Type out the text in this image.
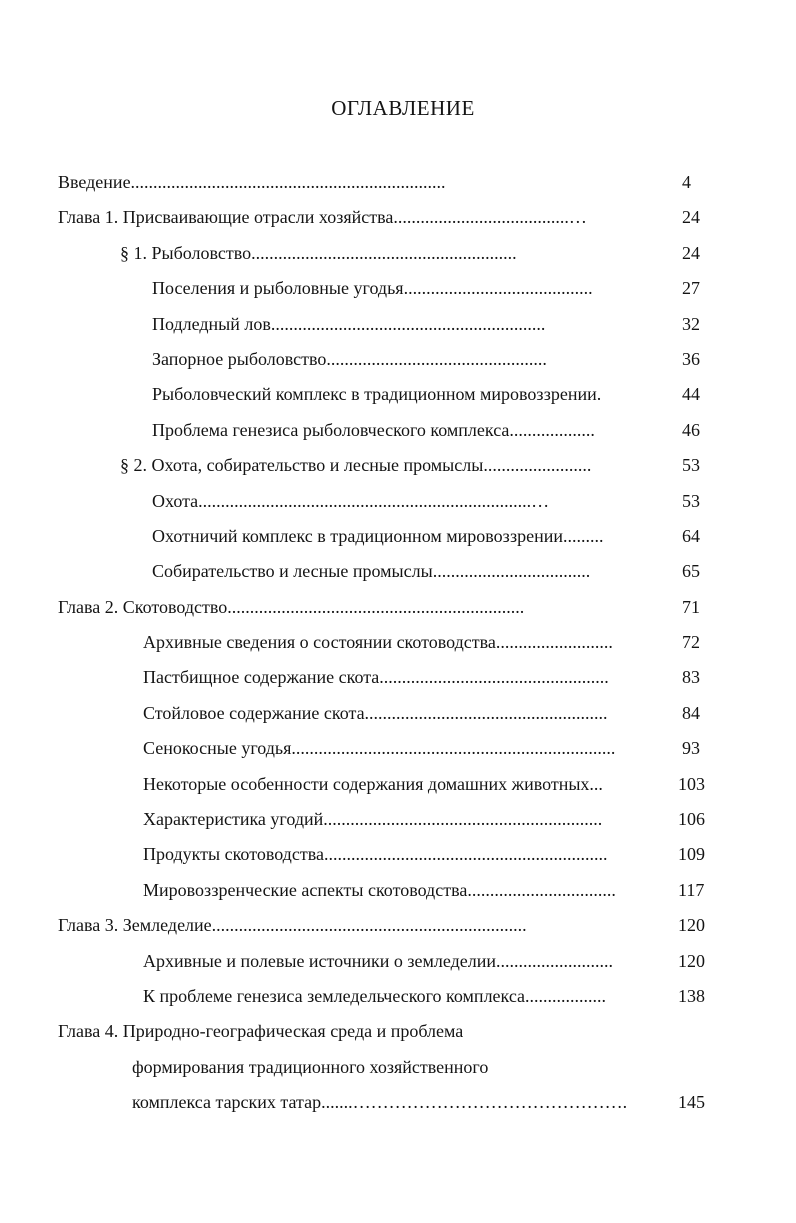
ОГЛАВЛЕНИЕ
Введение......................................................................	4
Глава 1. Присваивающие отрасли хозяйства.......................................…	24
§ 1. Рыболовство...........................................................	24
Поселения и рыболовные угодья..........................................	27
Подледный лов.............................................................	32
Запорное рыболовство.................................................	36
Рыболовческий комплекс в традиционном мировоззрении.	44
Проблема генезиса рыболовческого комплекса...................	46
§ 2. Охота, собирательство и лесные промыслы........................	53
Охота..........................................................................…	53
Охотничий комплекс в традиционном мировоззрении.........	64
Собирательство и лесные промыслы...................................	65
Глава 2. Скотоводство..................................................................	71
Архивные сведения о состоянии скотоводства..........................	72
Пастбищное содержание скота...................................................	83
Стойловое содержание скота......................................................	84
Сенокосные угодья........................................................................	93
Некоторые особенности содержания домашних животных...	103
Характеристика угодий..............................................................	106
Продукты скотоводства...............................................................	109
Мировоззренческие аспекты скотоводства.................................	117
Глава 3. Земледелие......................................................................	120
Архивные и полевые источники о земледелии..........................	120
К проблеме генезиса земледельческого комплекса..................	138
Глава 4. Природно-географическая среда и проблема
формирования традиционного хозяйственного
комплекса тарских татар.......……………………………………….	145
